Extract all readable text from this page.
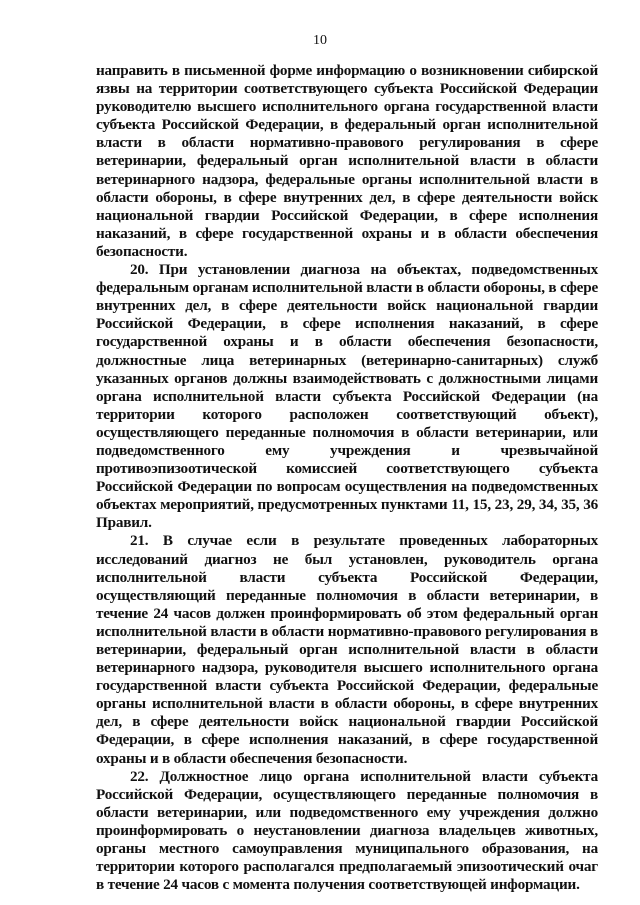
10

направить в письменной форме информацию о возникновении сибирской язвы на территории соответствующего субъекта Российской Федерации руководителю высшего исполнительного органа государственной власти субъекта Российской Федерации, в федеральный орган исполнительной власти в области нормативно-правового регулирования в сфере ветеринарии, федеральный орган исполнительной власти в области ветеринарного надзора, федеральные органы исполнительной власти в области обороны, в сфере внутренних дел, в сфере деятельности войск национальной гвардии Российской Федерации, в сфере исполнения наказаний, в сфере государственной охраны и в области обеспечения безопасности.

20. При установлении диагноза на объектах, подведомственных федеральным органам исполнительной власти в области обороны, в сфере внутренних дел, в сфере деятельности войск национальной гвардии Российской Федерации, в сфере исполнения наказаний, в сфере государственной охраны и в области обеспечения безопасности, должностные лица ветеринарных (ветеринарно-санитарных) служб указанных органов должны взаимодействовать с должностными лицами органа исполнительной власти субъекта Российской Федерации (на территории которого расположен соответствующий объект), осуществляющего переданные полномочия в области ветеринарии, или подведомственного ему учреждения и чрезвычайной противоэпизоотической комиссией соответствующего субъекта Российской Федерации по вопросам осуществления на подведомственных объектах мероприятий, предусмотренных пунктами 11, 15, 23, 29, 34, 35, 36 Правил.

21. В случае если в результате проведенных лабораторных исследований диагноз не был установлен, руководитель органа исполнительной власти субъекта Российской Федерации, осуществляющий переданные полномочия в области ветеринарии, в течение 24 часов должен проинформировать об этом федеральный орган исполнительной власти в области нормативно-правового регулирования в ветеринарии, федеральный орган исполнительной власти в области ветеринарного надзора, руководителя высшего исполнительного органа государственной власти субъекта Российской Федерации, федеральные органы исполнительной власти в области обороны, в сфере внутренних дел, в сфере деятельности войск национальной гвардии Российской Федерации, в сфере исполнения наказаний, в сфере государственной охраны и в области обеспечения безопасности.

22. Должностное лицо органа исполнительной власти субъекта Российской Федерации, осуществляющего переданные полномочия в области ветеринарии, или подведомственного ему учреждения должно проинформировать о неустановлении диагноза владельцев животных, органы местного самоуправления муниципального образования, на территории которого располагался предполагаемый эпизоотический очаг в течение 24 часов с момента получения соответствующей информации.
